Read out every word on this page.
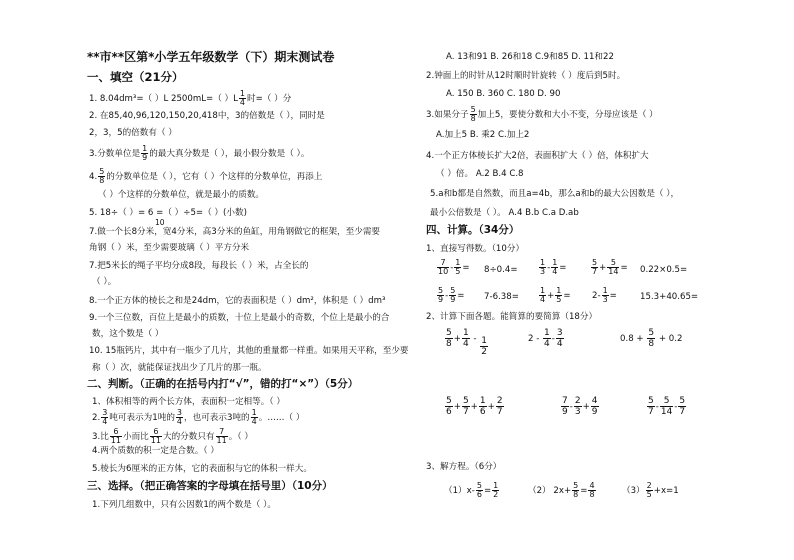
**市**区第*小学五年级数学（下）期末测试卷
一、填空（21分）
1. 8.04dm³=（ ）L 2500mL=（ ）$L \frac{1}{4}$ 时=（ ）分
2. 在85,40,96,120,150,20,418中，3的倍数是（ ），同时是
2，3，5的倍数有（ ）
3.分数单位是 $\frac{1}{9}$ 的最大真分数是（ ），最小假分数是（ ）。
4. $\frac{5}{8}$ 的分数单位是（ ），它有（ ）个这样的分数单位，再添上
（ ）个这样的分数单位，就是最小的质数。
5. 18÷（ ）= 6 =（ ）÷5=（ ）(小数)
10
7.做一个长8分米，宽4分米，高3分米的鱼缸，用角钢做它的框架，至少需要
角钢（ ）米，至少需要玻璃（ ）平方分米
7.把5米长的绳子平均分成8段，每段长（ ）米，占全长的
（ ）。
8.一个正方体的棱长之和是24dm，它的表面积是（ ）dm²，体积是（ ）dm³
9.一个三位数，百位上是最小的质数，十位上是最小的奇数，个位上是最小的合
数，这个数是（ ）
10. 15瓶钙片，其中有一瓶少了几片，其他的重量都一样重。如果用天平称，至少要
称（ ）次，就能保证找出少了几片的那一瓶。
二、判断。（正确的在括号内打“√”，错的打“×”）（5分）
1、体积相等的两个长方体，表面积一定相等。（ ）
2. $\frac{3}{4}$ 吨可表示为1吨的 $\frac{3}{4}$ ，也可表示3吨的 $\frac{1}{4}$ 。……（ ）
3.比 $\frac{6}{11}$ 小而比 $\frac{6}{11}$ 大的分数只有 $\frac{7}{11}$ 。（ ）
4.两个质数的积一定是合数。（ ）
5.棱长为6厘米的正方体，它的表面积与它的体积一样大。
三、选择。（把正确答案的字母填在括号里）（10分）
1.下列几组数中，只有公因数1的两个数是（ ）。
A. 13和91 B. 26和18 C.9和85 D. 11和22
2.钟面上的时针从12时顺时针旋转（ ）度后到5时。
A. 150 B. 360 C. 180 D. 90
3.如果分子 $\frac{5}{8}$ 加上5，要使分数和大小不变，分母应该是（ ）
A.加上5 B. 乘2 C.加上2
4.一个正方体棱长扩大2倍，表面积扩大（ ）倍，体积扩大
（ ）倍。 A.2 B.4 C.8
5.a和b都是自然数，而且a=4b，那么a和b的最大公因数是（ ），
最小公倍数是（ ）。 A.4 B.b C.a D.ab
四、计算。（34分）
1、直接写得数。（10分）
$\frac{7}{10} - \frac{1}{5} = 8\div 0.4=$	$\frac{1}{3} - \frac{1}{4}$ =	$\frac{5}{7} + \frac{5}{14} = 0.22\times 0.5=$
$\frac{5}{9} - \frac{5}{9} = 7-6.38=$	$\frac{1}{4} + \frac{1}{5} = 2- \frac{1}{3}$ =	15.3+40.65=
2、计算下面各题。能简算的要简算（18分）
$\frac{5}{8} + \frac{1}{4} - \frac{1}{2}$	$2 - \frac{1}{4} - \frac{3}{4}$	$0.8 + \frac{5}{8} + 0.2$
$\frac{5}{6} + \frac{5}{7} + \frac{1}{6} + \frac{2}{7}$	$\frac{7}{9} - \frac{2}{3} + \frac{4}{9}$	$\frac{5}{7} - \frac{5}{14} - \frac{5}{7}$
3、解方程。（6分）
$(1)x- \frac{5}{6} = \frac{1}{2}$	（2） $2x+ \frac{5}{8} = \frac{4}{8}$	$(3) \frac{2}{5} +x=1$
